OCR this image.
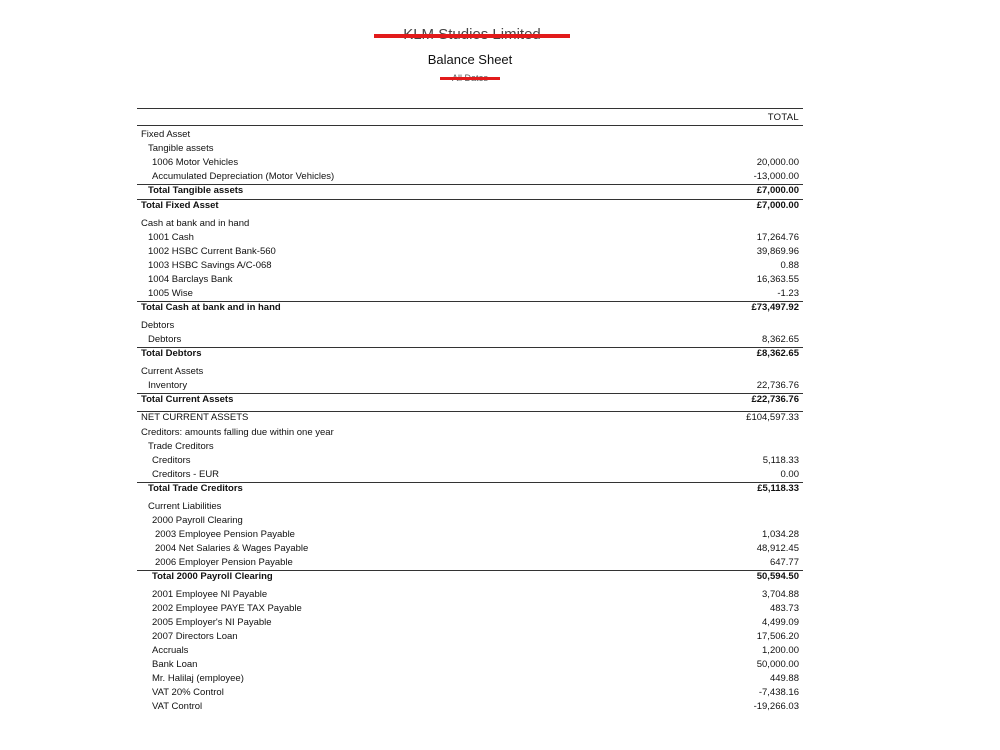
Balance Sheet
TOTAL
Fixed Asset
Tangible assets
1006 Motor Vehicles	20,000.00
Accumulated Depreciation (Motor Vehicles)	-13,000.00
Total Tangible assets	£7,000.00
Total Fixed Asset	£7,000.00
Cash at bank and in hand
1001 Cash	17,264.76
1002 HSBC Current Bank-560	39,869.96
1003 HSBC Savings A/C-068	0.88
1004 Barclays Bank	16,363.55
1005 Wise	-1.23
Total Cash at bank and in hand	£73,497.92
Debtors
Debtors	8,362.65
Total Debtors	£8,362.65
Current Assets
Inventory	22,736.76
Total Current Assets	£22,736.76
NET CURRENT ASSETS	£104,597.33
Creditors: amounts falling due within one year
Trade Creditors
Creditors	5,118.33
Creditors - EUR	0.00
Total Trade Creditors	£5,118.33
Current Liabilities
2000 Payroll Clearing
2003 Employee Pension Payable	1,034.28
2004 Net Salaries & Wages Payable	48,912.45
2006 Employer Pension Payable	647.77
Total 2000 Payroll Clearing	50,594.50
2001 Employee NI Payable	3,704.88
2002 Employee PAYE TAX Payable	483.73
2005 Employer's NI Payable	4,499.09
2007 Directors Loan	17,506.20
Accruals	1,200.00
Bank Loan	50,000.00
Mr. Halilaj (employee)	449.88
VAT 20% Control	-7,438.16
VAT Control	-19,266.03
